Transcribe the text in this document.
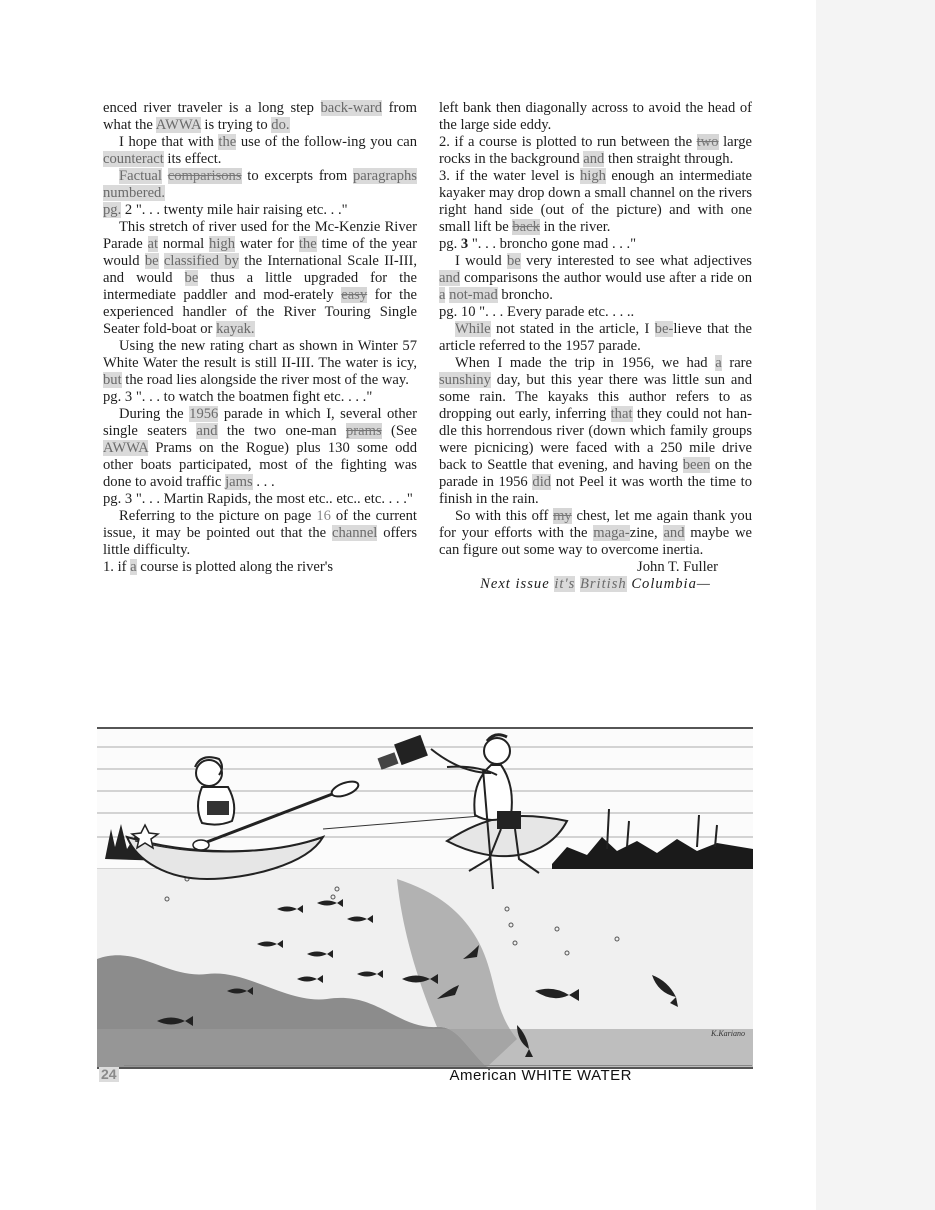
enced river traveler is a long step back-ward from what the AWWA is trying to do.

I hope that with the use of the follow-ing you can counteract its effect.

Factual comparisons to excerpts from paragraphs numbered.

pg. 2 ". . . twenty mile hair raising etc. . ."

This stretch of river used for the Mc-Kenzie River Parade at normal high water for the time of the year would be classified by the International Scale II-III, and would be thus a little upgraded for the intermediate paddler and mod-erately easy for the experienced handler of the River Touring Single Seater fold-boat or kayak.

Using the new rating chart as shown in Winter 57 White Water the result is still II-III. The water is icy, but the road lies alongside the river most of the way.

pg. 3 ". . . to watch the boatmen fight etc. . . ."

During the 1956 parade in which I, several other single seaters and the two one-man prams (See AWWA Prams on the Rogue) plus 130 some odd other boats participated, most of the fighting was done to avoid traffic jams . . .

pg. 3 ". . . Martin Rapids, the most etc.. etc.. etc. . . ."

Referring to the picture on page 16 of the current issue, it may be pointed out that the channel offers little difficulty.

1. if a course is plotted along the river's

left bank then diagonally across to avoid the head of the large side eddy.

2. if a course is plotted to run between the two large rocks in the background and then straight through.

3. if the water level is high enough an intermediate kayaker may drop down a small channel on the rivers right hand side (out of the picture) and with one small lift be back in the river.

pg. 3 ". . . broncho gone mad . . ."

I would be very interested to see what adjectives and comparisons the author would use after a ride on a not-mad broncho.

pg. 10 ". . . Every parade etc. . . ..

While not stated in the article, I be-lieve that the article referred to the 1957 parade.

When I made the trip in 1956, we had a rare sunshiny day, but this year there was little sun and some rain. The kayaks this author refers to as dropping out early, inferring that they could not han-dle this horrendous river (down which family groups were picnicing) were faced with a 250 mile drive back to Seattle that evening, and having been on the parade in 1956 did not Peel it was worth the time to finish in the rain.

So with this off my chest, let me again thank you for your efforts with the maga-zine, and maybe we can figure out some way to overcome inertia.

John T. Fuller

Next issue it's British Columbia—

K.Kariano
24	American WHITE WATER
